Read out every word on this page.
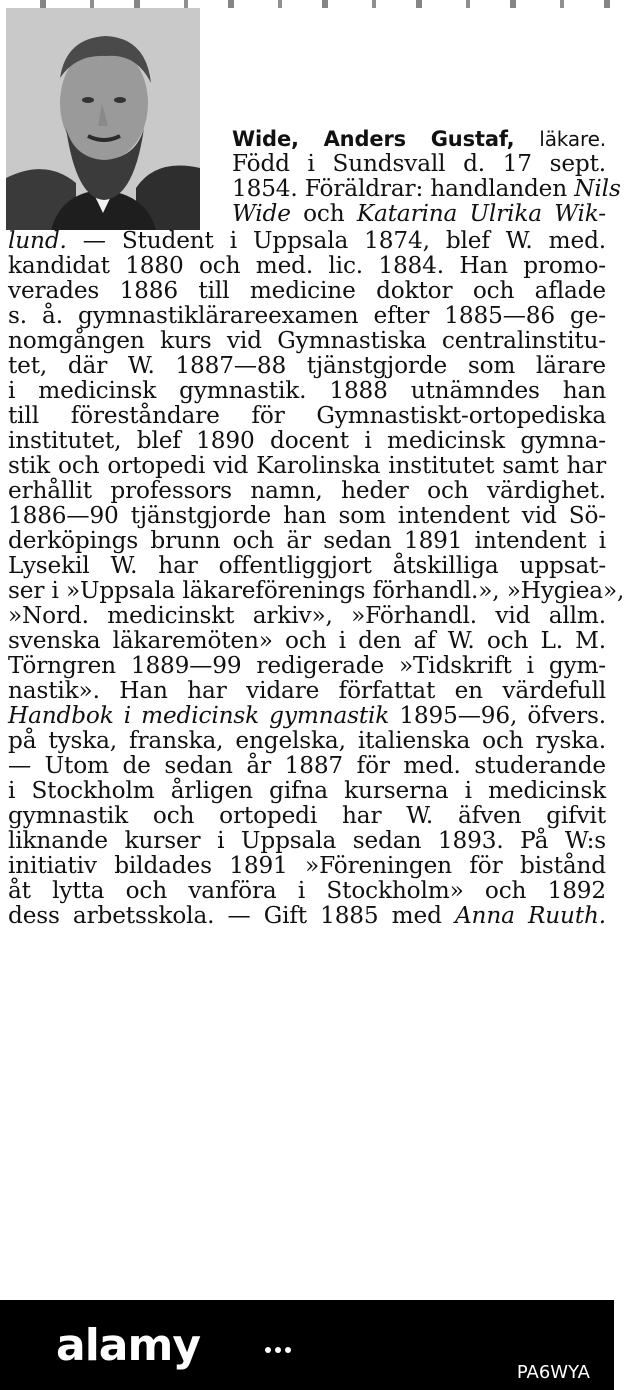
Wide, Anders Gustaf, läkare.
Född i Sundsvall d. 17 sept.
1854. Föräldrar: handlanden Nils
Wide och Katarina Ulrika Wik-
lund. — Student i Uppsala 1874, blef W. med.
kandidat 1880 och med. lic. 1884. Han promo-
verades 1886 till medicine doktor och aflade
s. å. gymnastiklärareexamen efter 1885—86 ge-
nomgången kurs vid Gymnastiska centralinstitu-
tet, där W. 1887—88 tjänstgjorde som lärare
i medicinsk gymnastik. 1888 utnämndes han
till föreståndare för Gymnastiskt-ortopediska
institutet, blef 1890 docent i medicinsk gymna-
stik och ortopedi vid Karolinska institutet samt har
erhållit professors namn, heder och värdighet.
1886—90 tjänstgjorde han som intendent vid Sö-
derköpings brunn och är sedan 1891 intendent i
Lysekil W. har offentliggjort åtskilliga uppsat-
ser i »Uppsala läkareförenings förhandl.», »Hygiea»,
»Nord. medicinskt arkiv», »Förhandl. vid allm.
svenska läkaremöten» och i den af W. och L. M.
Törngren 1889—99 redigerade »Tidskrift i gym-
nastik». Han har vidare författat en värdefull
Handbok i medicinsk gymnastik 1895—96, öfvers.
på tyska, franska, engelska, italienska och ryska.
— Utom de sedan år 1887 för med. studerande
i Stockholm årligen gifna kurserna i medicinsk
gymnastik och ortopedi har W. äfven gifvit
liknande kurser i Uppsala sedan 1893. På W:s
initiativ bildades 1891 »Föreningen för bistånd
åt lytta och vanföra i Stockholm» och 1892
dess arbetsskola. — Gift 1885 med Anna Ruuth.
alamy
PA6WYA
